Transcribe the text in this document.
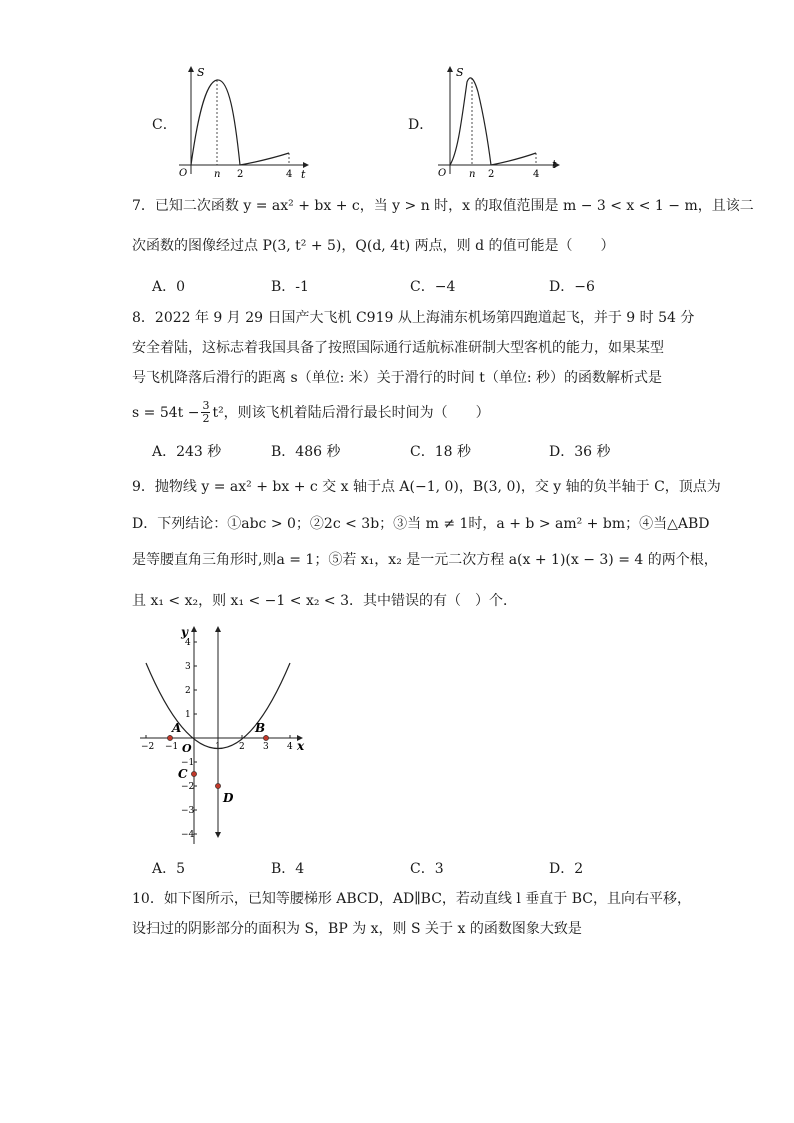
C．
S
t
O	n 2	4
D．
S
t
O n 2	4
7．已知二次函数 y = ax² + bx + c，当 y > n 时，x 的取值范围是 m − 3 < x < 1 − m，且该二
次函数的图像经过点 P(3, t² + 5)，Q(d, 4t) 两点，则 d 的值可能是（　　）
A．0	B．-1	C．−4	D．−6
8．2022 年 9 月 29 日国产大飞机 C919 从上海浦东机场第四跑道起飞，并于 9 时 54 分
安全着陆，这标志着我国具备了按照国际通行适航标准研制大型客机的能力，如果某型
号飞机降落后滑行的距离 s（单位: 米）关于滑行的时间 t（单位: 秒）的函数解析式是
$s = 54t - \frac{3}{2} t^2$，则该飞机着陆后滑行最长时间为（　　）
A．243 秒	B．486 秒	C．18 秒	D．36 秒
9．抛物线 y = ax² + bx + c 交 x 轴于点 A(−1, 0)，B(3, 0)，交 y 轴的负半轴于 C，顶点为
D．下列结论：①abc > 0；②2c < 3b；③当 m ≠ 1时，a + b > am² + bm；④当△ABD
是等腰直角三角形时,则a = 1；⑤若 x₁，x₂ 是一元二次方程 a(x + 1)(x − 3) = 4 的两个根，
且 x₁ < x₂，则 x₁ < −1 < x₂ < 3．其中错误的有（　）个．
y
x
O
−2 −1	1 2 3 4
4
3
2
1
−1
−2
−3
−4
A	B
C
D
A．5	B．4	C．3	D．2
10．如下图所示，已知等腰梯形 ABCD，AD∥BC，若动直线 l 垂直于 BC，且向右平移，
设扫过的阴影部分的面积为 S，BP 为 x，则 S 关于 x 的函数图象大致是
